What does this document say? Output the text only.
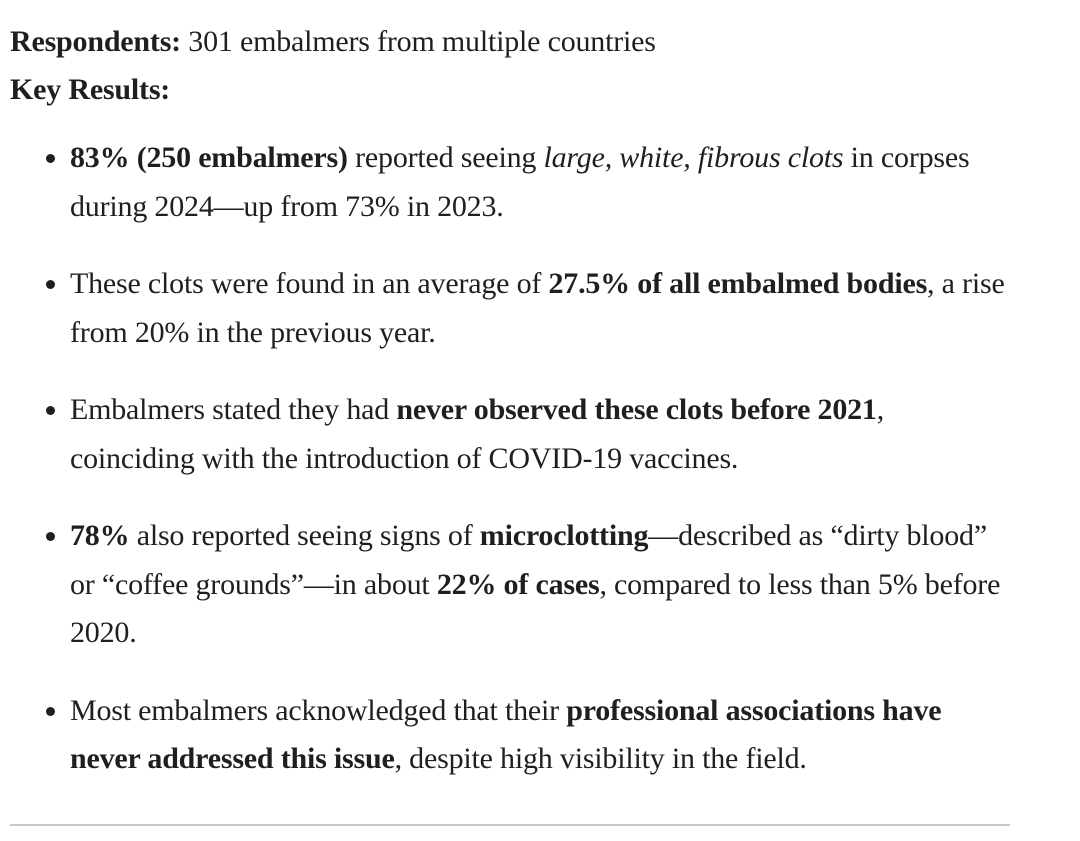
Respondents: 301 embalmers from multiple countries

Key Results:

83% (250 embalmers) reported seeing large, white, fibrous clots in corpses during 2024—up from 73% in 2023.
These clots were found in an average of 27.5% of all embalmed bodies, a rise from 20% in the previous year.
Embalmers stated they had never observed these clots before 2021, coinciding with the introduction of COVID-19 vaccines.
78% also reported seeing signs of microclotting—described as “dirty blood” or “coffee grounds”—in about 22% of cases, compared to less than 5% before 2020.
Most embalmers acknowledged that their professional associations have never addressed this issue, despite high visibility in the field.
